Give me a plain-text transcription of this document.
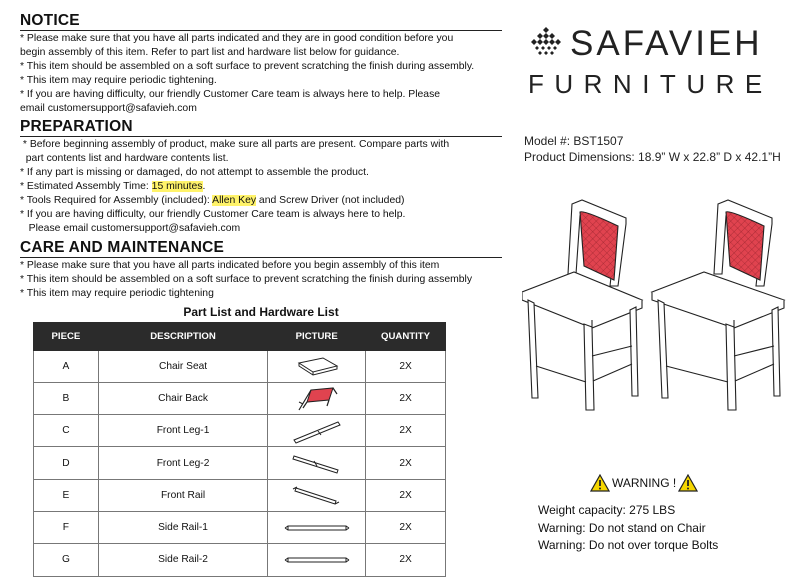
NOTICE
* Please make sure that you have all parts indicated and they are in good condition before you
begin assembly of this item. Refer to part list and hardware list below for guidance.
* This item should be assembled on a soft surface to prevent scratching the finish during assembly.
* This item may require periodic tightening.
* If you are having difficulty, our friendly Customer Care team is always here to help. Please
email customersupport@safavieh.com
PREPARATION
* Before beginning assembly of product, make sure all parts are present. Compare parts with
part contents list and hardware contents list.
* If any part is missing or damaged, do not attempt to assemble the product.
* Estimated Assembly Time: 15 minutes.
* Tools Required for Assembly (included): Allen Key and Screw Driver (not included)
* If you are having difficulty, our friendly Customer Care team is always here to help.
Please email customersupport@safavieh.com
CARE AND MAINTENANCE
* Please make sure that you have all parts indicated before you begin assembly of this item
* This item should be assembled on a soft surface to prevent scratching the finish during assembly
* This item may require periodic tightening
Part List and Hardware List
PIECE	DESCRIPTION	PICTURE	QUANTITY
A	Chair Seat		2X
B	Chair Back		2X
C	Front Leg-1		2X
D	Front Leg-2		2X
E	Front Rail		2X
F	Side Rail-1		2X
G	Side Rail-2		2X
SAFAVIEH
FURNITURE
Model #: BST1507
Product Dimensions: 18.9” W x 22.8” D x 42.1”H
WARNING !
Weight capacity: 275 LBS
Warning: Do not stand on Chair
Warning: Do not over torque Bolts
